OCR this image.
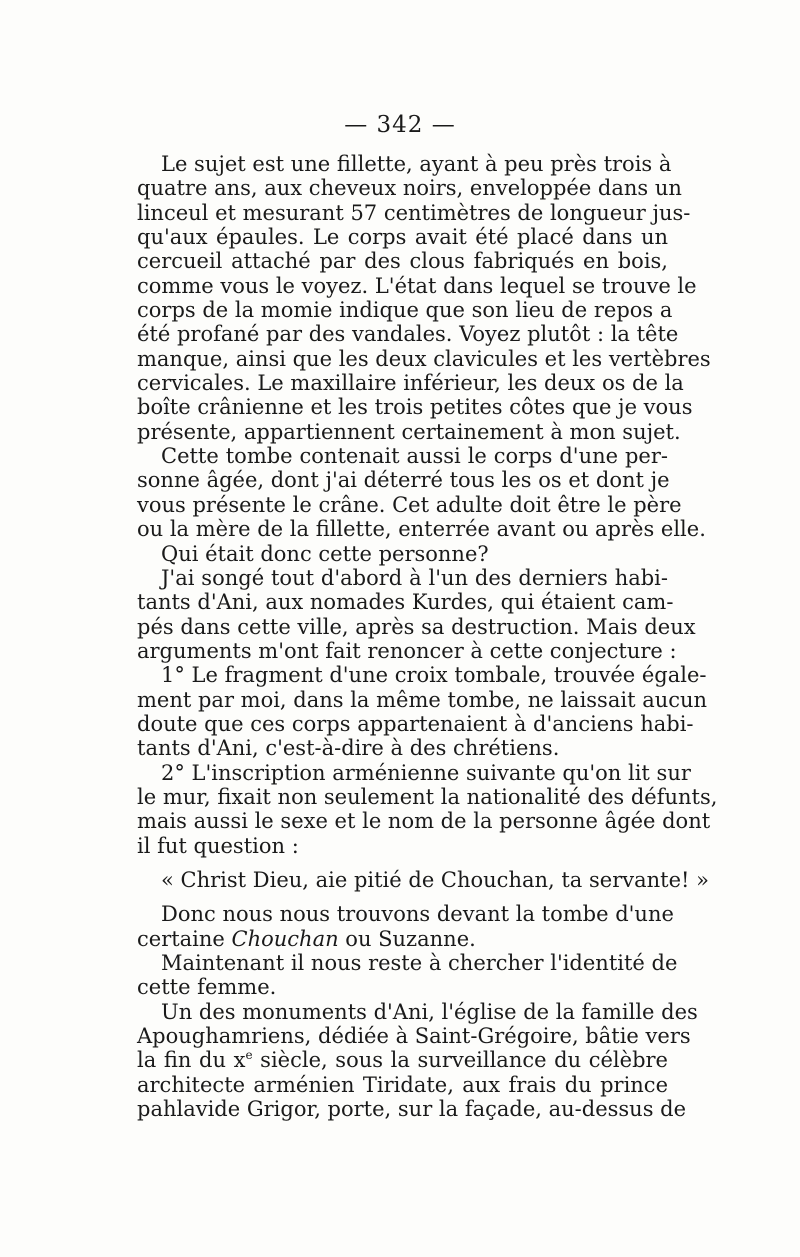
— 342 —
Le sujet est une fillette, ayant à peu près trois à
quatre ans, aux cheveux noirs, enveloppée dans un
linceul et mesurant 57 centimètres de longueur jus-
qu'aux épaules. Le corps avait été placé dans un
cercueil attaché par des clous fabriqués en bois,
comme vous le voyez. L'état dans lequel se trouve le
corps de la momie indique que son lieu de repos a
été profané par des vandales. Voyez plutôt : la tête
manque, ainsi que les deux clavicules et les vertèbres
cervicales. Le maxillaire inférieur, les deux os de la
boîte crânienne et les trois petites côtes que je vous
présente, appartiennent certainement à mon sujet.
Cette tombe contenait aussi le corps d'une per-
sonne âgée, dont j'ai déterré tous les os et dont je
vous présente le crâne. Cet adulte doit être le père
ou la mère de la fillette, enterrée avant ou après elle.
Qui était donc cette personne?
J'ai songé tout d'abord à l'un des derniers habi-
tants d'Ani, aux nomades Kurdes, qui étaient cam-
pés dans cette ville, après sa destruction. Mais deux
arguments m'ont fait renoncer à cette conjecture :
1° Le fragment d'une croix tombale, trouvée égale-
ment par moi, dans la même tombe, ne laissait aucun
doute que ces corps appartenaient à d'anciens habi-
tants d'Ani, c'est-à-dire à des chrétiens.
2° L'inscription arménienne suivante qu'on lit sur
le mur, fixait non seulement la nationalité des défunts,
mais aussi le sexe et le nom de la personne âgée dont
il fut question :
« Christ Dieu, aie pitié de Chouchan, ta servante! »
Donc nous nous trouvons devant la tombe d'une
certaine Chouchan ou Suzanne.
Maintenant il nous reste à chercher l'identité de
cette femme.
Un des monuments d'Ani, l'église de la famille des
Apoughamriens, dédiée à Saint-Grégoire, bâtie vers
la fin du $x^e$ siècle, sous la surveillance du célèbre
architecte arménien Tiridate, aux frais du prince
pahlavide Grigor, porte, sur la façade, au-dessus de
